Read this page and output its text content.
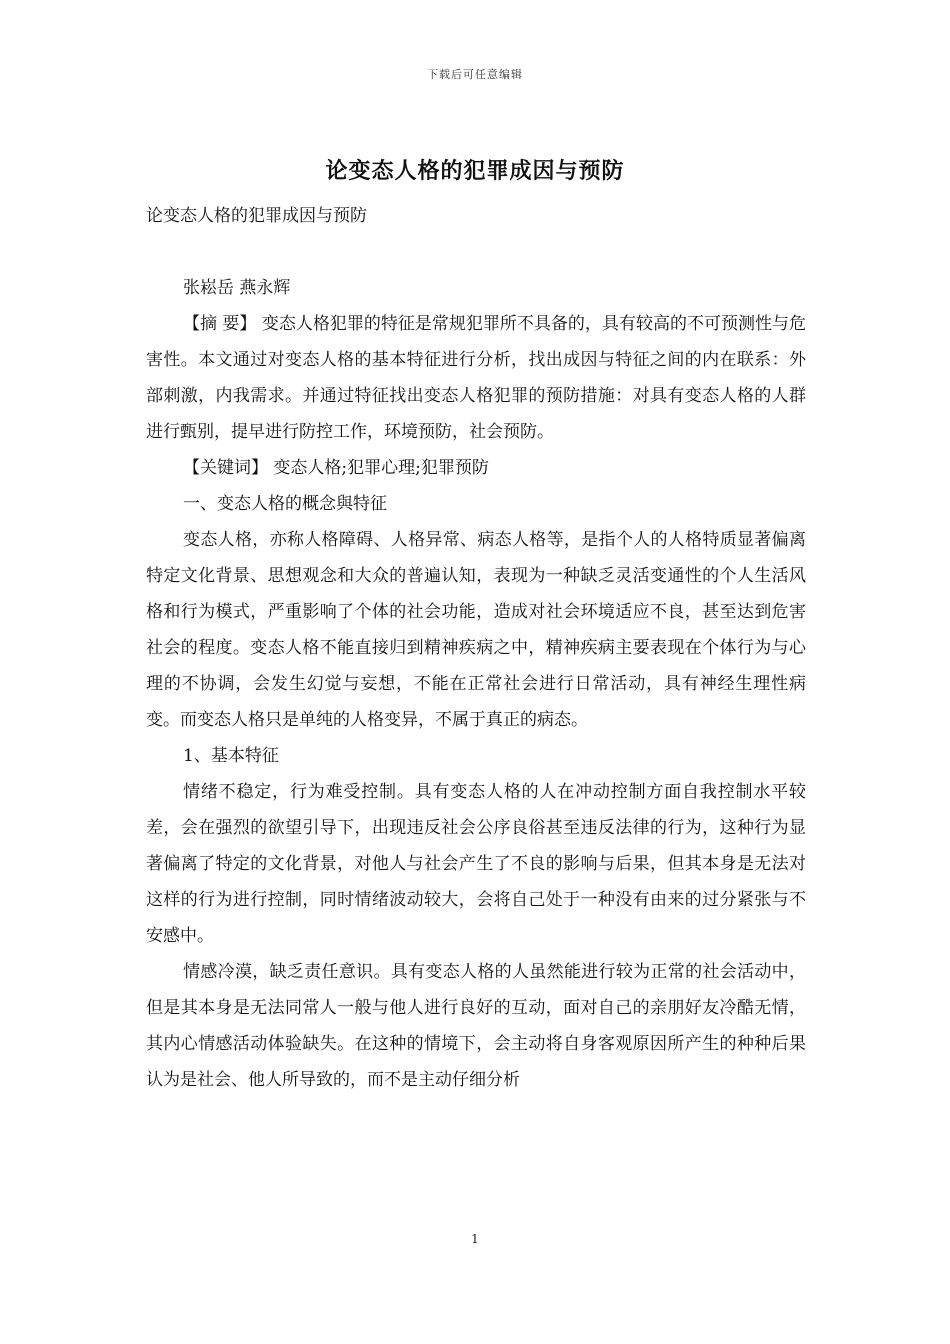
下载后可任意编辑
论变态人格的犯罪成因与预防

论变态人格的犯罪成因与预防

张崧岳 燕永辉

【摘 要】 变态人格犯罪的特征是常规犯罪所不具备的，具有较高的不可预测性与危害性。本文通过对变态人格的基本特征进行分析，找出成因与特征之间的内在联系：外部刺激，内我需求。并通过特征找出变态人格犯罪的预防措施：对具有变态人格的人群进行甄别，提早进行防控工作，环境预防，社会预防。

【关键词】 变态人格;犯罪心理;犯罪预防

一、变态人格的概念與特征

变态人格，亦称人格障碍、人格异常、病态人格等，是指个人的人格特质显著偏离特定文化背景、思想观念和大众的普遍认知，表现为一种缺乏灵活变通性的个人生活风格和行为模式，严重影响了个体的社会功能，造成对社会环境适应不良，甚至达到危害社会的程度。变态人格不能直接归到精神疾病之中，精神疾病主要表现在个体行为与心理的不协调，会发生幻觉与妄想，不能在正常社会进行日常活动，具有神经生理性病变。而变态人格只是单纯的人格变异，不属于真正的病态。

1、基本特征

情绪不稳定，行为难受控制。具有变态人格的人在冲动控制方面自我控制水平较差，会在强烈的欲望引导下，出现违反社会公序良俗甚至违反法律的行为，这种行为显著偏离了特定的文化背景，对他人与社会产生了不良的影响与后果，但其本身是无法对这样的行为进行控制，同时情绪波动较大，会将自己处于一种没有由来的过分紧张与不安感中。

情感冷漠，缺乏责任意识。具有变态人格的人虽然能进行较为正常的社会活动中，但是其本身是无法同常人一般与他人进行良好的互动，面对自己的亲朋好友冷酷无情，其内心情感活动体验缺失。在这种的情境下，会主动将自身客观原因所产生的种种后果认为是社会、他人所导致的，而不是主动仔细分析

1
